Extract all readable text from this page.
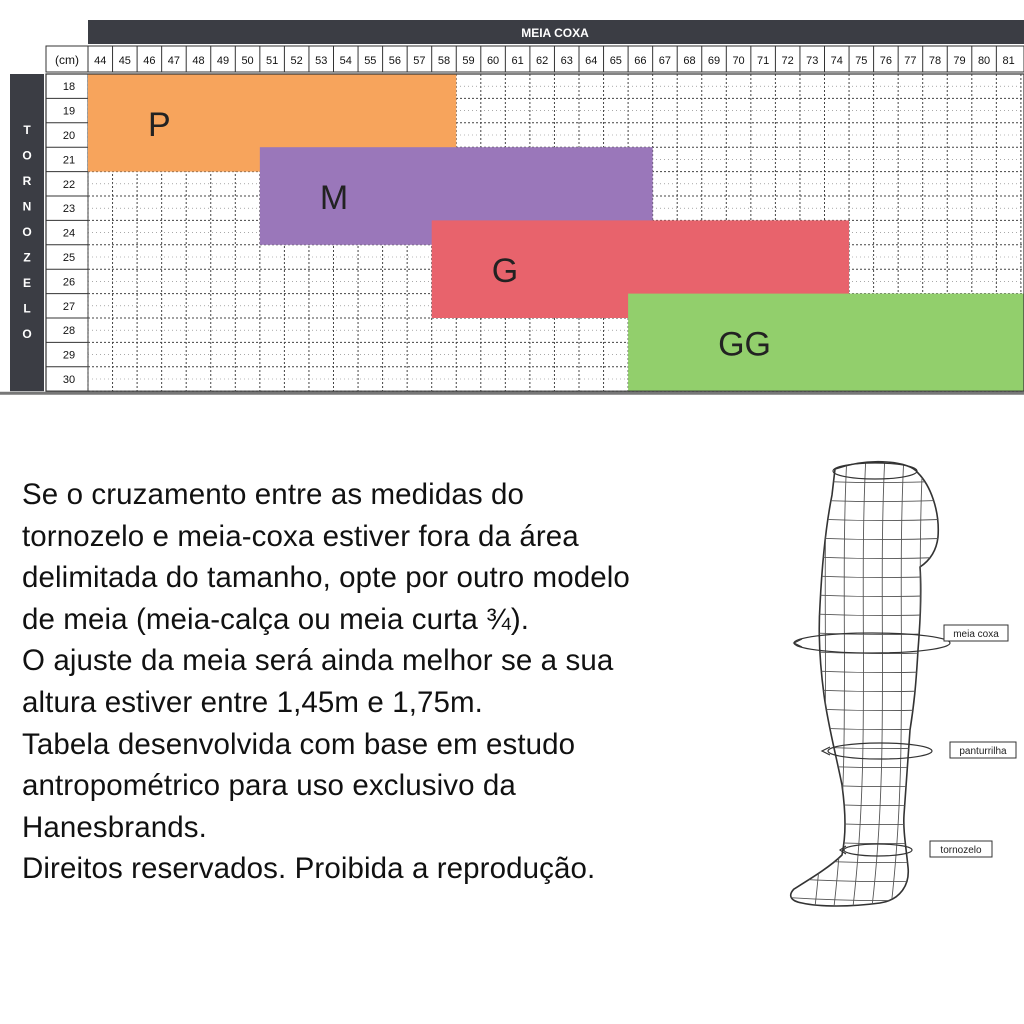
MEIA COXA
(cm)
T
O
R
N
O
Z
E
L
O
44 45 46 47 48 49 50 51 52 53 54 55 56 57 58 59 60 61 62 63 64 65 66 67 68 69 70 71 72 73 74 75 76 77 78 79 80 81
18
19
20
21
22
23
24
25
26
27
28
29
30
P
M
G
GG
Se o cruzamento entre as medidas do
tornozelo e meia-coxa estiver fora da área
delimitada do tamanho, opte por outro modelo
de meia (meia-calça ou meia curta ¾).
O ajuste da meia será ainda melhor se a sua
altura estiver entre 1,45m e 1,75m.
Tabela desenvolvida com base em estudo
antropométrico para uso exclusivo da
Hanesbrands.
Direitos reservados. Proibida a reprodução.
meia coxa
panturrilha
tornozelo
